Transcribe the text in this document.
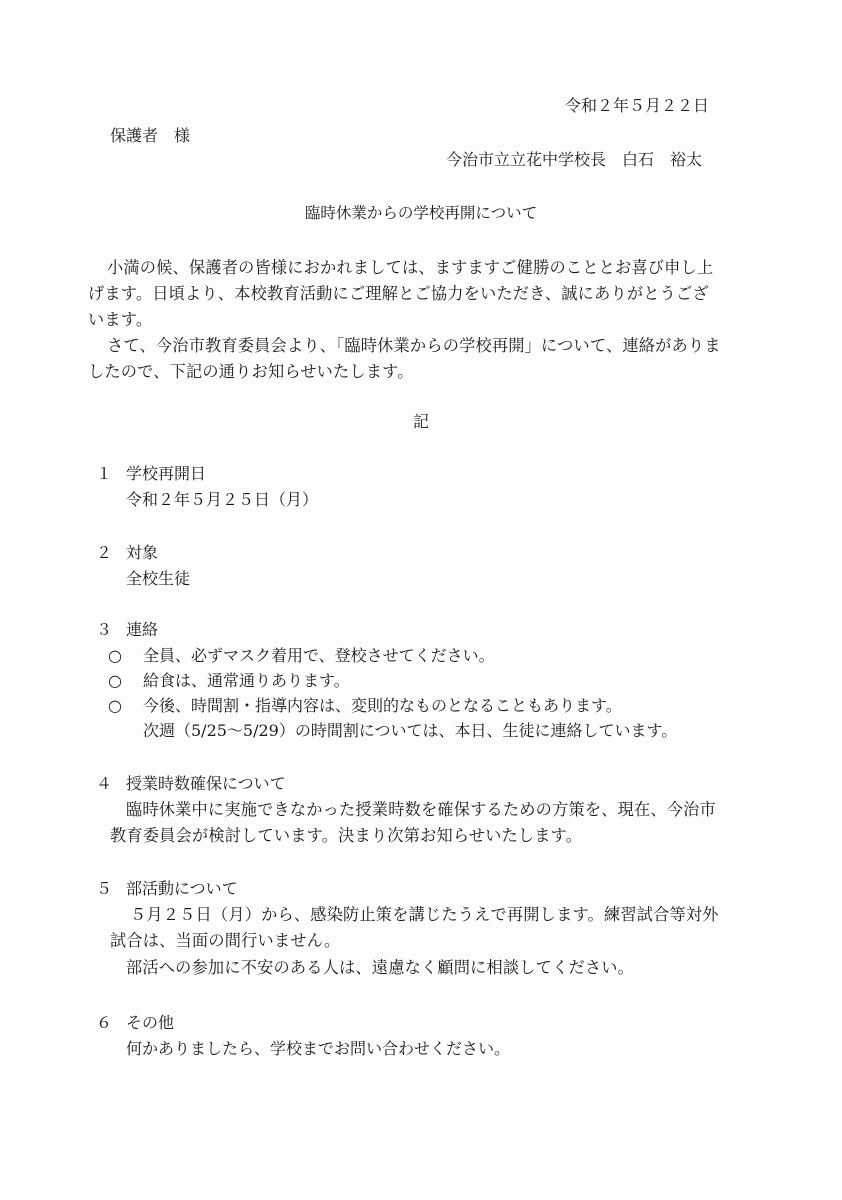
令和２年５月２２日
保護者　様
今治市立立花中学校長　白石　裕太
臨時休業からの学校再開について
小満の候、保護者の皆様におかれましては、ますますご健勝のこととお喜び申し上
げます。日頃より、本校教育活動にご理解とご協力をいただき、誠にありがとうござ
います。
さて、今治市教育委員会より、「臨時休業からの学校再開」について、連絡がありま
したので、下記の通りお知らせいたします。
記
１ 学校再開日
令和２年５月２５日（月）
２ 対象
全校生徒
３ 連絡
○ 全員、必ずマスク着用で、登校させてください。
○ 給食は、通常通りあります。
○ 今後、時間割・指導内容は、変則的なものとなることもあります。
次週（5/25〜5/29）の時間割については、本日、生徒に連絡しています。
４ 授業時数確保について
臨時休業中に実施できなかった授業時数を確保するための方策を、現在、今治市
教育委員会が検討しています。決まり次第お知らせいたします。
５ 部活動について
５月２５日（月）から、感染防止策を講じたうえで再開します。練習試合等対外
試合は、当面の間行いません。
部活への参加に不安のある人は、遠慮なく顧問に相談してください。
６ その他
何かありましたら、学校までお問い合わせください。
